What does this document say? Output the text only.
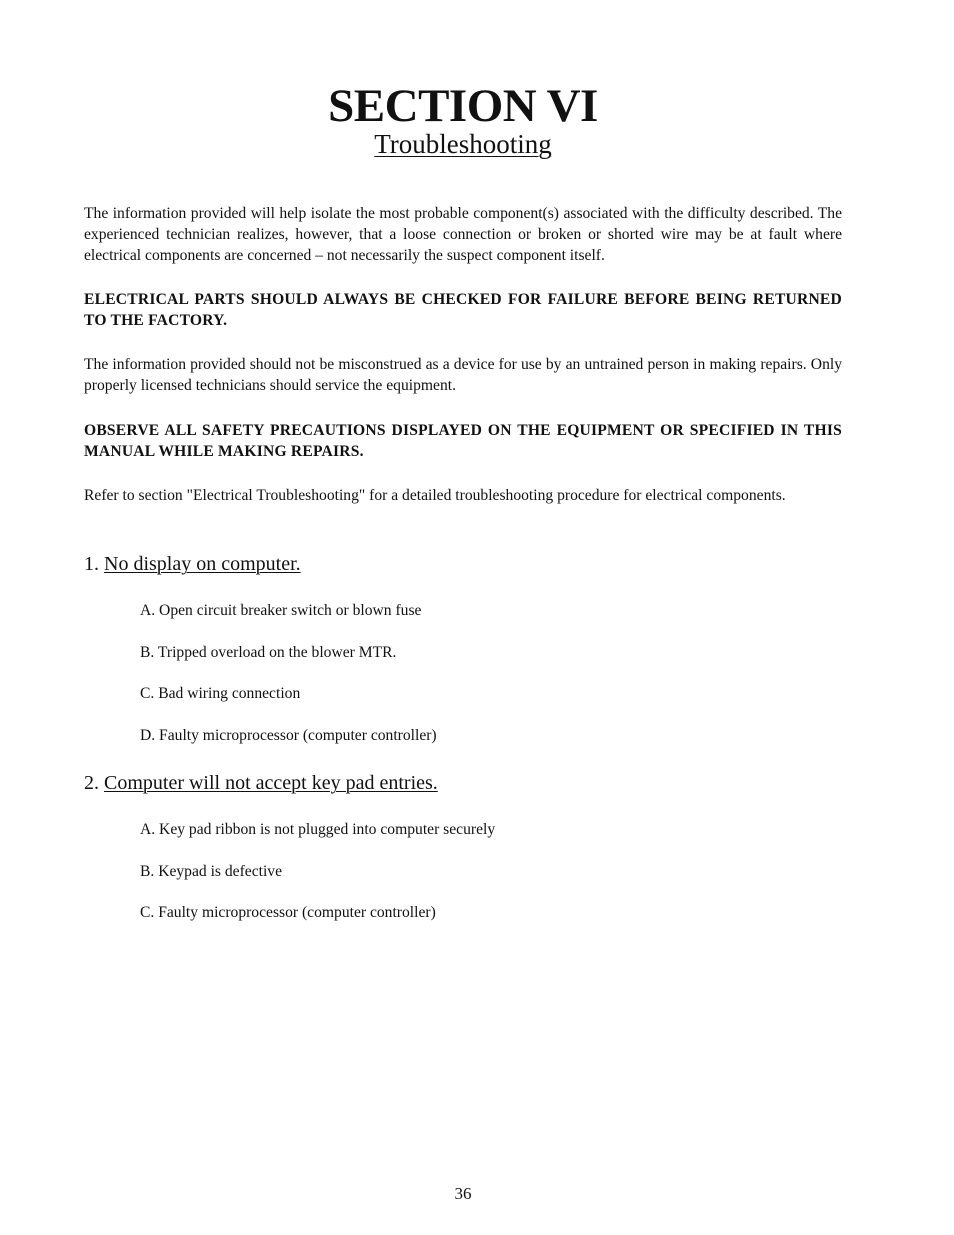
SECTION VI
Troubleshooting

The information provided will help isolate the most probable component(s) associated with the difficulty described. The experienced technician realizes, however, that a loose connection or broken or shorted wire may be at fault where electrical components are concerned – not necessarily the suspect component itself.

ELECTRICAL PARTS SHOULD ALWAYS BE CHECKED FOR FAILURE BEFORE BEING RETURNED TO THE FACTORY.

The information provided should not be misconstrued as a device for use by an untrained person in making repairs. Only properly licensed technicians should service the equipment.

OBSERVE ALL SAFETY PRECAUTIONS DISPLAYED ON THE EQUIPMENT OR SPECIFIED IN THIS MANUAL WHILE MAKING REPAIRS.

Refer to section "Electrical Troubleshooting" for a detailed troubleshooting procedure for electrical components.

1. No display on computer.
A. Open circuit breaker switch or blown fuse
B. Tripped overload on the blower MTR.
C. Bad wiring connection
D. Faulty microprocessor (computer controller)
2. Computer will not accept key pad entries.
A. Key pad ribbon is not plugged into computer securely
B. Keypad is defective
C. Faulty microprocessor (computer controller)
36
